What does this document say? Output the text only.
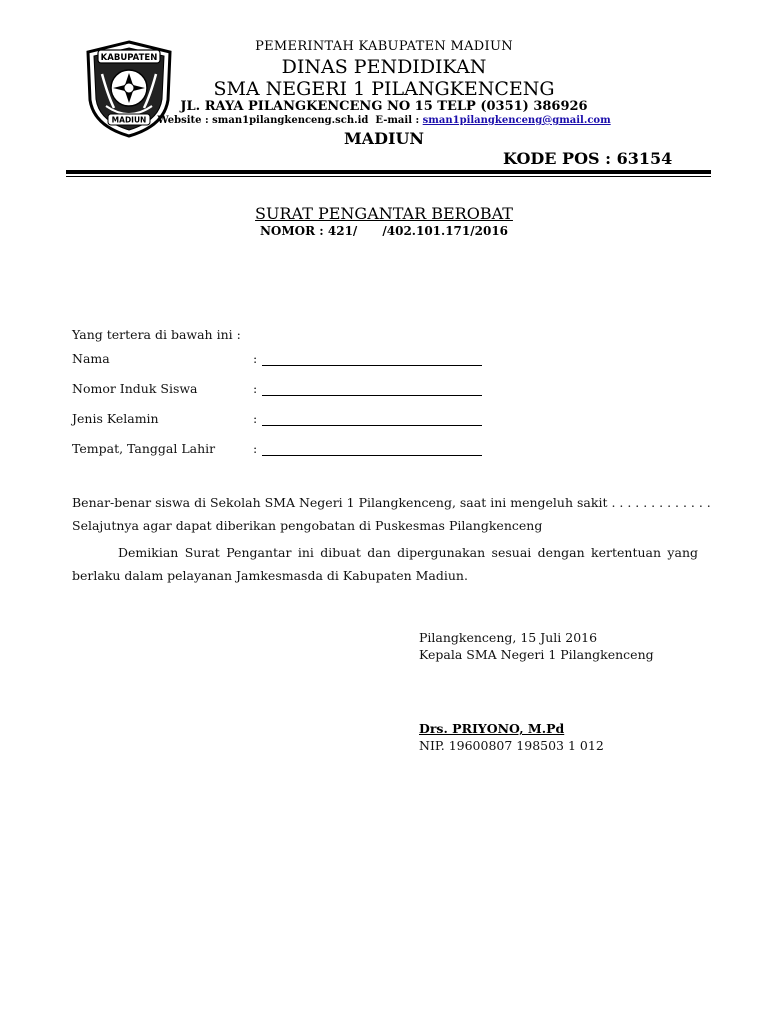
KABUPATEN
MADIUN
PEMERINTAH KABUPATEN MADIUN
DINAS PENDIDIKAN
SMA NEGERI 1 PILANGKENCENG
JL. RAYA PILANGKENCENG NO 15 TELP (0351) 386926
Website : sman1pilangkenceng.sch.id E-mail : sman1pilangkenceng@gmail.com
MADIUN
KODE POS : 63154
SURAT PENGANTAR BEROBAT
NOMOR : 421/      /402.101.171/2016
Yang tertera di bawah ini :
Nama	:
Nomor Induk Siswa	:
Jenis Kelamin	:
Tempat, Tanggal Lahir	:
Benar-benar siswa di Sekolah SMA Negeri 1 Pilangkenceng, saat ini mengeluh sakit . . . . . . . . . . . . .
Selajutnya agar dapat diberikan pengobatan di Puskesmas Pilangkenceng
Demikian Surat Pengantar ini dibuat dan dipergunakan sesuai dengan kertentuan yang berlaku dalam pelayanan Jamkesmasda di Kabupaten Madiun.
Pilangkenceng, 15 Juli 2016
Kepala SMA Negeri 1 Pilangkenceng
Drs. PRIYONO, M.Pd
NIP. 19600807 198503 1 012
